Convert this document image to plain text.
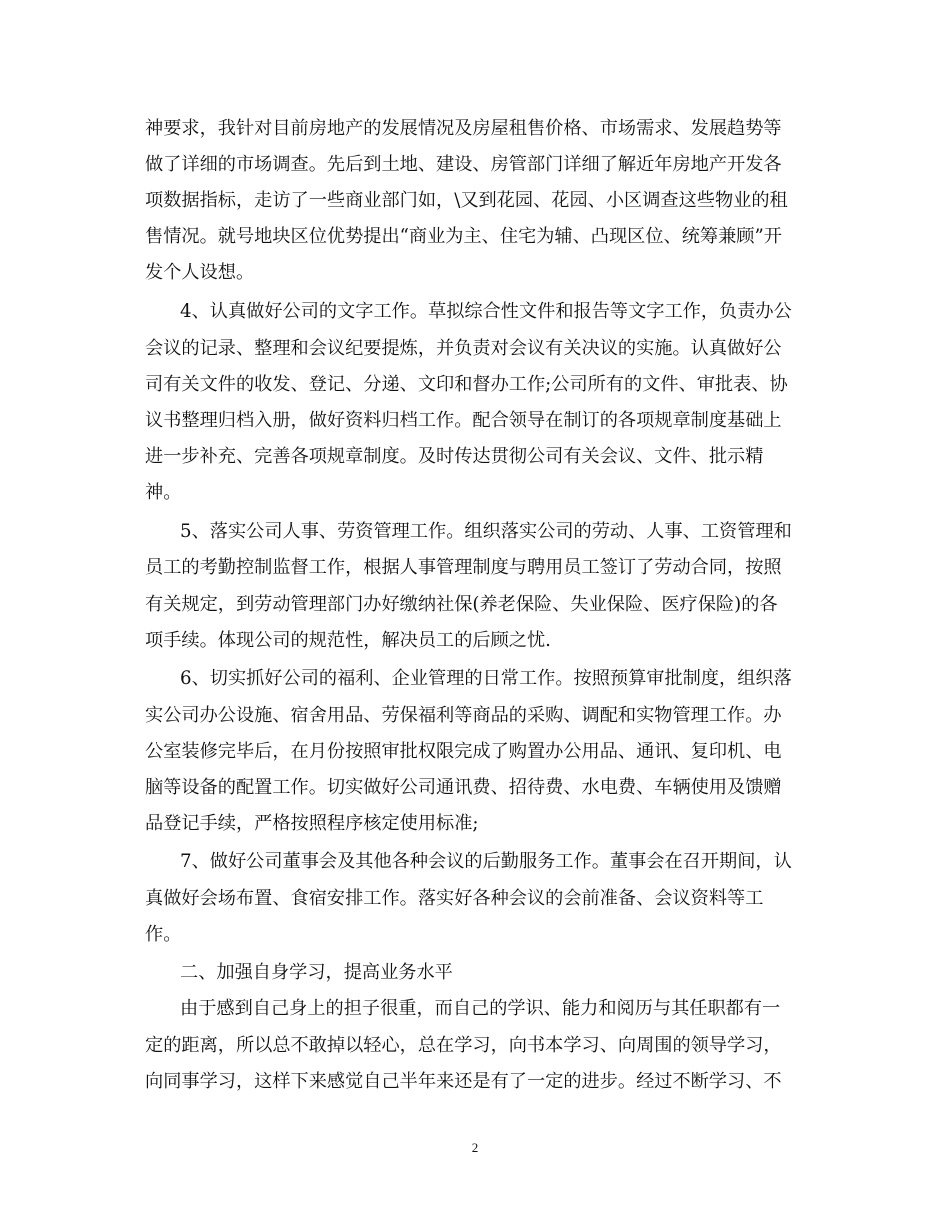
神要求，我针对目前房地产的发展情况及房屋租售价格、市场需求、发展趋势等

做了详细的市场调查。先后到土地、建设、房管部门详细了解近年房地产开发各

项数据指标，走访了一些商业部门如，\又到花园、花园、小区调查这些物业的租

售情况。就号地块区位优势提出“商业为主、住宅为辅、凸现区位、统筹兼顾”开

发个人设想。

4、认真做好公司的文字工作。草拟综合性文件和报告等文字工作，负责办公

会议的记录、整理和会议纪要提炼，并负责对会议有关决议的实施。认真做好公

司有关文件的收发、登记、分递、文印和督办工作;公司所有的文件、审批表、协

议书整理归档入册，做好资料归档工作。配合领导在制订的各项规章制度基础上

进一步补充、完善各项规章制度。及时传达贯彻公司有关会议、文件、批示精

神。

5、落实公司人事、劳资管理工作。组织落实公司的劳动、人事、工资管理和

员工的考勤控制监督工作，根据人事管理制度与聘用员工签订了劳动合同，按照

有关规定，到劳动管理部门办好缴纳社保(养老保险、失业保险、医疗保险)的各

项手续。体现公司的规范性，解决员工的后顾之忧.

6、切实抓好公司的福利、企业管理的日常工作。按照预算审批制度，组织落

实公司办公设施、宿舍用品、劳保福利等商品的采购、调配和实物管理工作。办

公室装修完毕后，在月份按照审批权限完成了购置办公用品、通讯、复印机、电

脑等设备的配置工作。切实做好公司通讯费、招待费、水电费、车辆使用及馈赠

品登记手续，严格按照程序核定使用标准;

7、做好公司董事会及其他各种会议的后勤服务工作。董事会在召开期间，认

真做好会场布置、食宿安排工作。落实好各种会议的会前准备、会议资料等工

作。

二、加强自身学习，提高业务水平

由于感到自己身上的担子很重，而自己的学识、能力和阅历与其任职都有一

定的距离，所以总不敢掉以轻心，总在学习，向书本学习、向周围的领导学习，

向同事学习，这样下来感觉自己半年来还是有了一定的进步。经过不断学习、不

2
